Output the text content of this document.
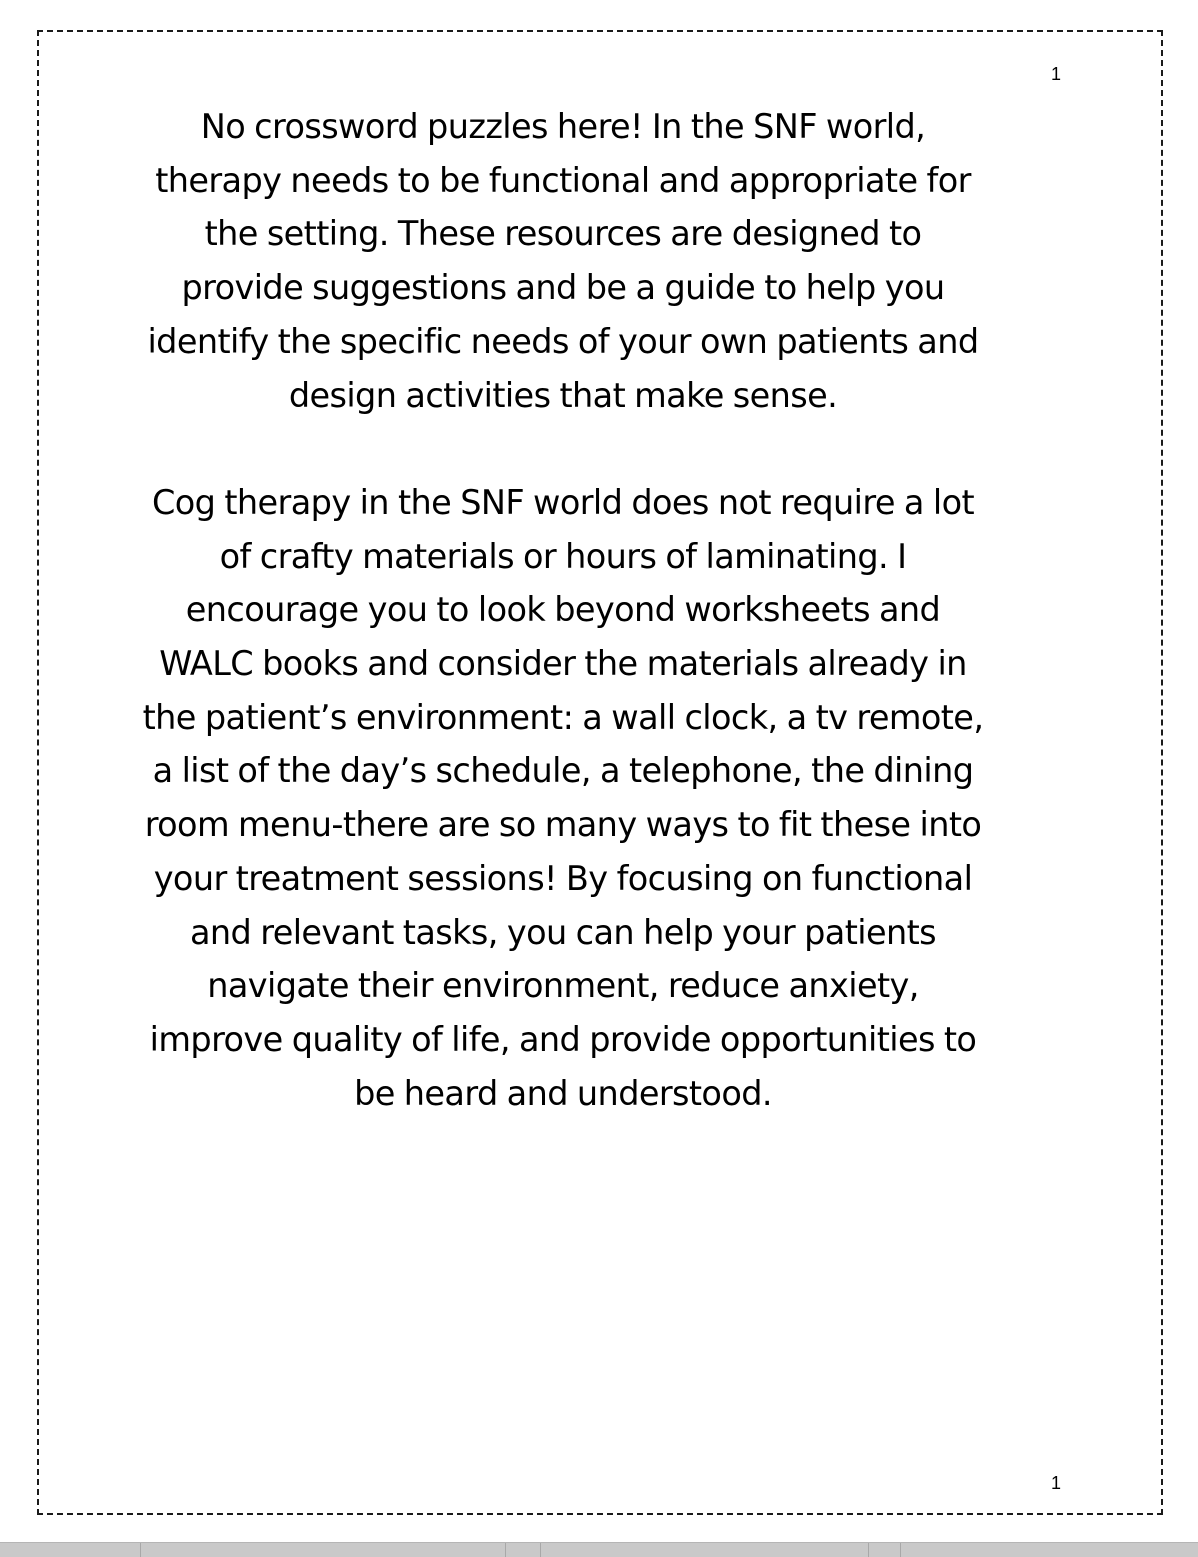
1
1

No crossword puzzles here! In the SNF world,
therapy needs to be functional and appropriate for
the setting. These resources are designed to
provide suggestions and be a guide to help you
identify the specific needs of your own patients and
design activities that make sense.

Cog therapy in the SNF world does not require a lot
of crafty materials or hours of laminating. I
encourage you to look beyond worksheets and
WALC books and consider the materials already in
the patient’s environment: a wall clock, a tv remote,
a list of the day’s schedule, a telephone, the dining
room menu-there are so many ways to fit these into
your treatment sessions! By focusing on functional
and relevant tasks, you can help your patients
navigate their environment, reduce anxiety,
improve quality of life, and provide opportunities to
be heard and understood.
